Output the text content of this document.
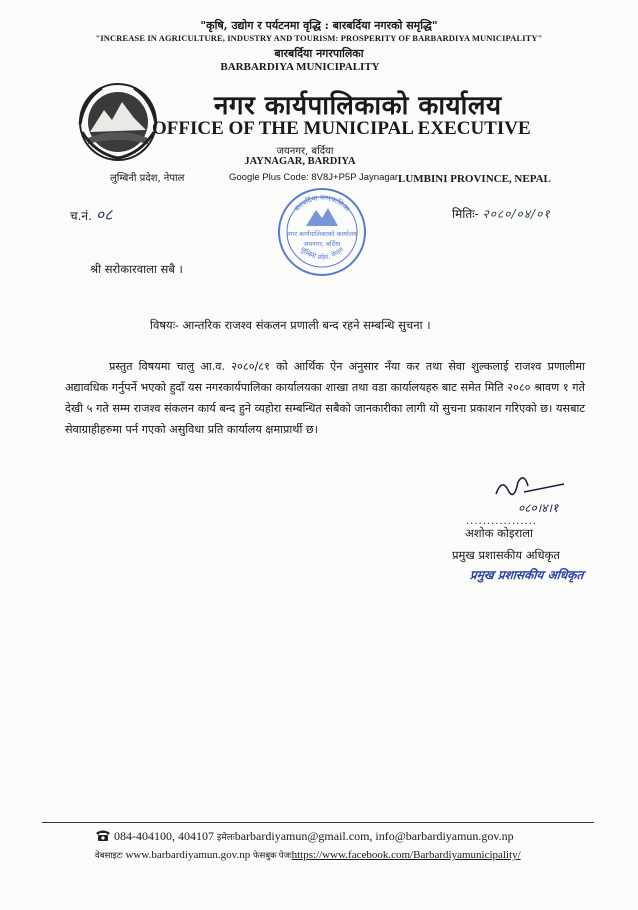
"कृषि, उद्योग र पर्यटनमा वृद्धि : बारबर्दिया नगरको समृद्धि"
"INCREASE IN AGRICULTURE, INDUSTRY AND TOURISM: PROSPERITY OF BARBARDIYA MUNICIPALITY"
बारबर्दिया नगरपालिका
BARBARDIYA MUNICIPALITY
नगर कार्यपालिकाको कार्यालय
OFFICE OF THE MUNICIPAL EXECUTIVE
जयनगर, बर्दिया
JAYNAGAR, BARDIYA
लुम्बिनी प्रदेश, नेपाल	Google Plus Code: 8V8J+P5P Jaynagar LUMBINI PROVINCE, NEPAL
बारबर्दिया नगरपालिका
नगर कार्यपालिकाको कार्यालय
जयनगर, बर्दिया
लुम्बिनी प्रदेश, नेपाल
च.नं. ०८	मितिः- २०८०/०४/०१
श्री सरोकारवाला सबै ।
विषयः- आन्तरिक राजश्व संकलन प्रणाली बन्द रहने सम्बन्धि सुचना ।
प्रस्तुत विषयमा चालु आ.व. २०८०/८१ को आर्थिक ऐन अनुसार नँया कर तथा सेवा शुल्कलाई राजश्व प्रणालीमा अद्यावधिक गर्नुपर्ने भएको हुदाँ यस नगरकार्यपालिका कार्यालयका शाखा तथा वडा कार्यालयहरु बाट समेत मिति २०८० श्रावण १ गते देखी ५ गते सम्म राजश्व संकलन कार्य बन्द हुने व्यहोरा सम्बन्धित सबैको जानकारीका लागी यो सुचना प्रकाशन गरिएको छ। यसबाट सेवाग्राहीहरुमा पर्न गएको असुविधा प्रति कार्यालय क्षमाप्रार्थी छ।
०८०।४।१
.................
अशोक कोइराला
प्रमुख प्रशासकीय अधिकृत
प्रमुख प्रशासकीय अधिकृत
084-404100, 404107 इमेलःbarbardiyamun@gmail.com, info@barbardiyamun.gov.np
वेबसाइटः www.barbardiyamun.gov.np फेसबुक पेजःhttps://www.facebook.com/Barbardiyamunicipality/
